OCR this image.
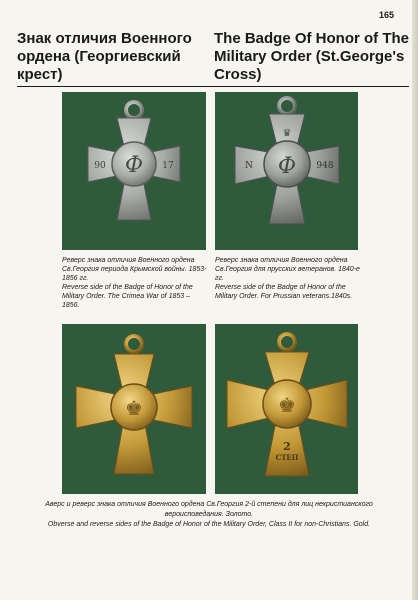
165
Знак отличия Военного ордена (Георгиевский крест)
The Badge Of Honor of The Military Order (St.George's Cross)
Ф
90	17	Ф
♛
N	948
Реверс знака отличия Военного ордена Св.Георгия периода Крымской войны. 1853-1856 гг.
Reverse side of the Badge of Honor of the Military Order. The Crimea War of 1853 – 1856.
Реверс знака отличия Военного ордена Св.Георгия для прусских ветеранов. 1840-е гг.
Reverse side of the Badge of Honor of the Military Order. For Prussian veterans.1840s.
♚	♚
2
СТЕП
Аверс и реверс знака отличия Военного ордена Св.Георгия 2-й степени для лиц нехристианского вероисповедания. Золото.
Obverse and reverse sides of the Badge of Honor of the Military Order, Class II for non-Christians. Gold.
